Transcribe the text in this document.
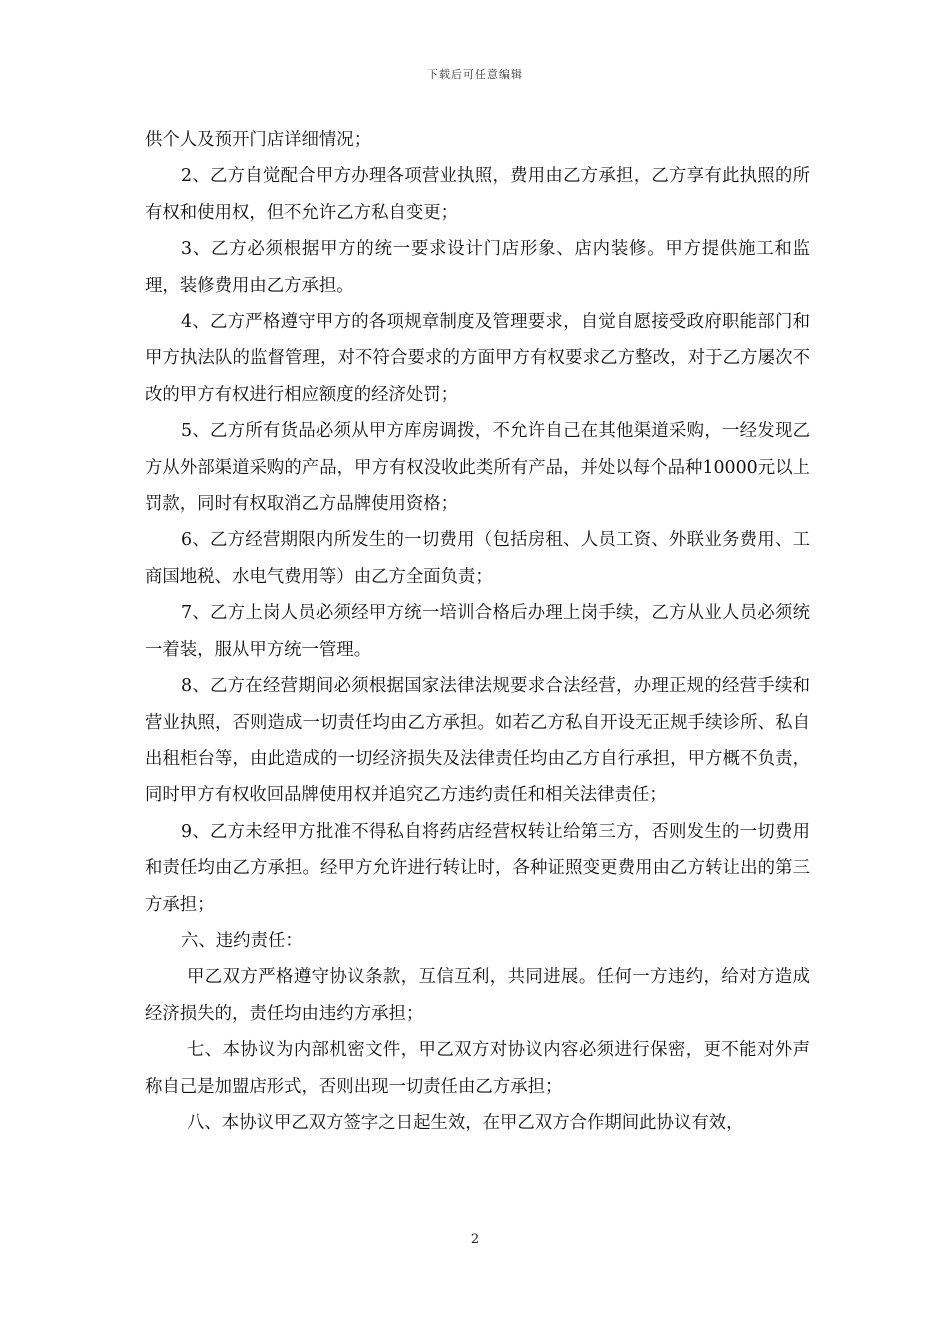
下载后可任意编辑

供个人及预开门店详细情况；

2、乙方自觉配合甲方办理各项营业执照，费用由乙方承担，乙方享有此执照的所有权和使用权，但不允许乙方私自变更；

3、乙方必须根据甲方的统一要求设计门店形象、店内装修。甲方提供施工和监理，装修费用由乙方承担。

4、乙方严格遵守甲方的各项规章制度及管理要求，自觉自愿接受政府职能部门和甲方执法队的监督管理，对不符合要求的方面甲方有权要求乙方整改，对于乙方屡次不改的甲方有权进行相应额度的经济处罚；

5、乙方所有货品必须从甲方库房调拨，不允许自己在其他渠道采购，一经发现乙方从外部渠道采购的产品，甲方有权没收此类所有产品，并处以每个品种10000元以上罚款，同时有权取消乙方品牌使用资格；

6、乙方经营期限内所发生的一切费用（包括房租、人员工资、外联业务费用、工商国地税、水电气费用等）由乙方全面负责；

7、乙方上岗人员必须经甲方统一培训合格后办理上岗手续，乙方从业人员必须统一着装，服从甲方统一管理。

8、乙方在经营期间必须根据国家法律法规要求合法经营，办理正规的经营手续和营业执照，否则造成一切责任均由乙方承担。如若乙方私自开设无正规手续诊所、私自出租柜台等，由此造成的一切经济损失及法律责任均由乙方自行承担，甲方概不负责，同时甲方有权收回品牌使用权并追究乙方违约责任和相关法律责任；

9、乙方未经甲方批准不得私自将药店经营权转让给第三方，否则发生的一切费用和责任均由乙方承担。经甲方允许进行转让时，各种证照变更费用由乙方转让出的第三方承担；

六、违约责任：

甲乙双方严格遵守协议条款，互信互利，共同进展。任何一方违约，给对方造成经济损失的，责任均由违约方承担；

七、本协议为内部机密文件，甲乙双方对协议内容必须进行保密，更不能对外声称自己是加盟店形式，否则出现一切责任由乙方承担；

八、本协议甲乙双方签字之日起生效，在甲乙双方合作期间此协议有效，

2
